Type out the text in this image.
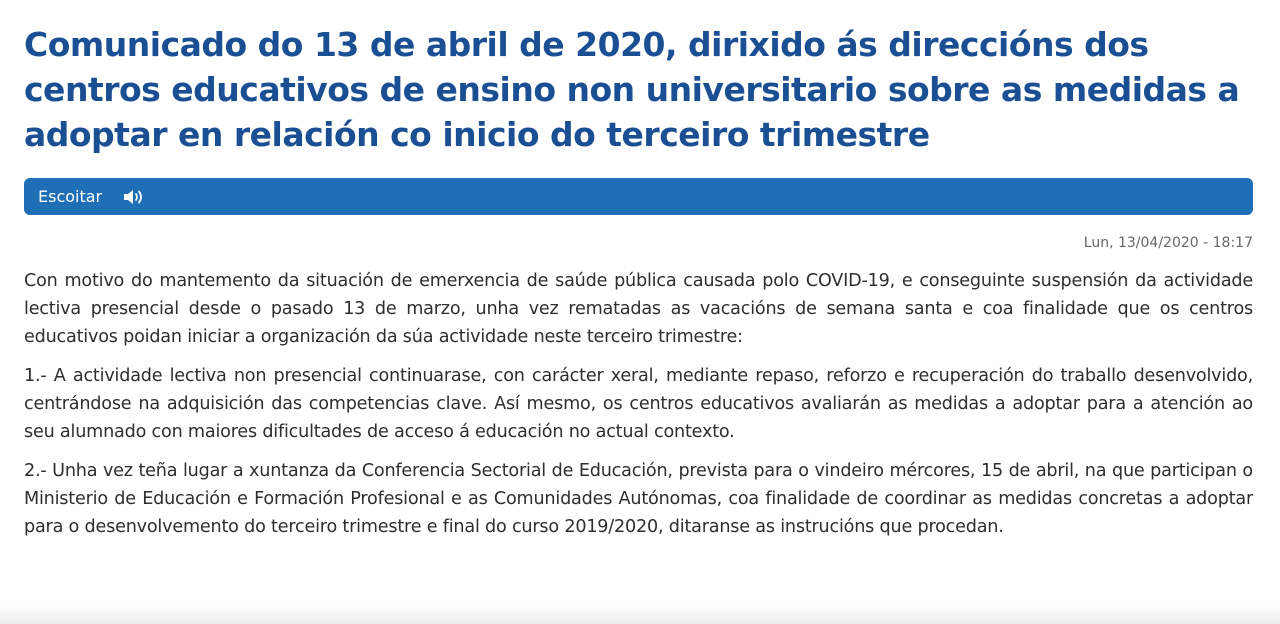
Comunicado do 13 de abril de 2020, dirixido ás direccións dos centros educativos de ensino non universitario sobre as medidas a adoptar en relación co inicio do terceiro trimestre
Escoitar
Lun, 13/04/2020 - 18:17

Con motivo do mantemento da situación de emerxencia de saúde pública causada polo COVID-19, e conseguinte suspensión da actividade lectiva presencial desde o pasado 13 de marzo, unha vez rematadas as vacacións de semana santa e coa finalidade que os centros educativos poidan iniciar a organización da súa actividade neste terceiro trimestre:

1.- A actividade lectiva non presencial continuarase, con carácter xeral, mediante repaso, reforzo e recuperación do traballo desenvolvido, centrándose na adquisición das competencias clave. Así mesmo, os centros educativos avaliarán as medidas a adoptar para a atención ao seu alumnado con maiores dificultades de acceso á educación no actual contexto.

2.- Unha vez teña lugar a xuntanza da Conferencia Sectorial de Educación, prevista para o vindeiro mércores, 15 de abril, na que participan o Ministerio de Educación e Formación Profesional e as Comunidades Autónomas, coa finalidade de coordinar as medidas concretas a adoptar para o desenvolvemento do terceiro trimestre e final do curso 2019/2020, ditaranse as instrucións que procedan.
